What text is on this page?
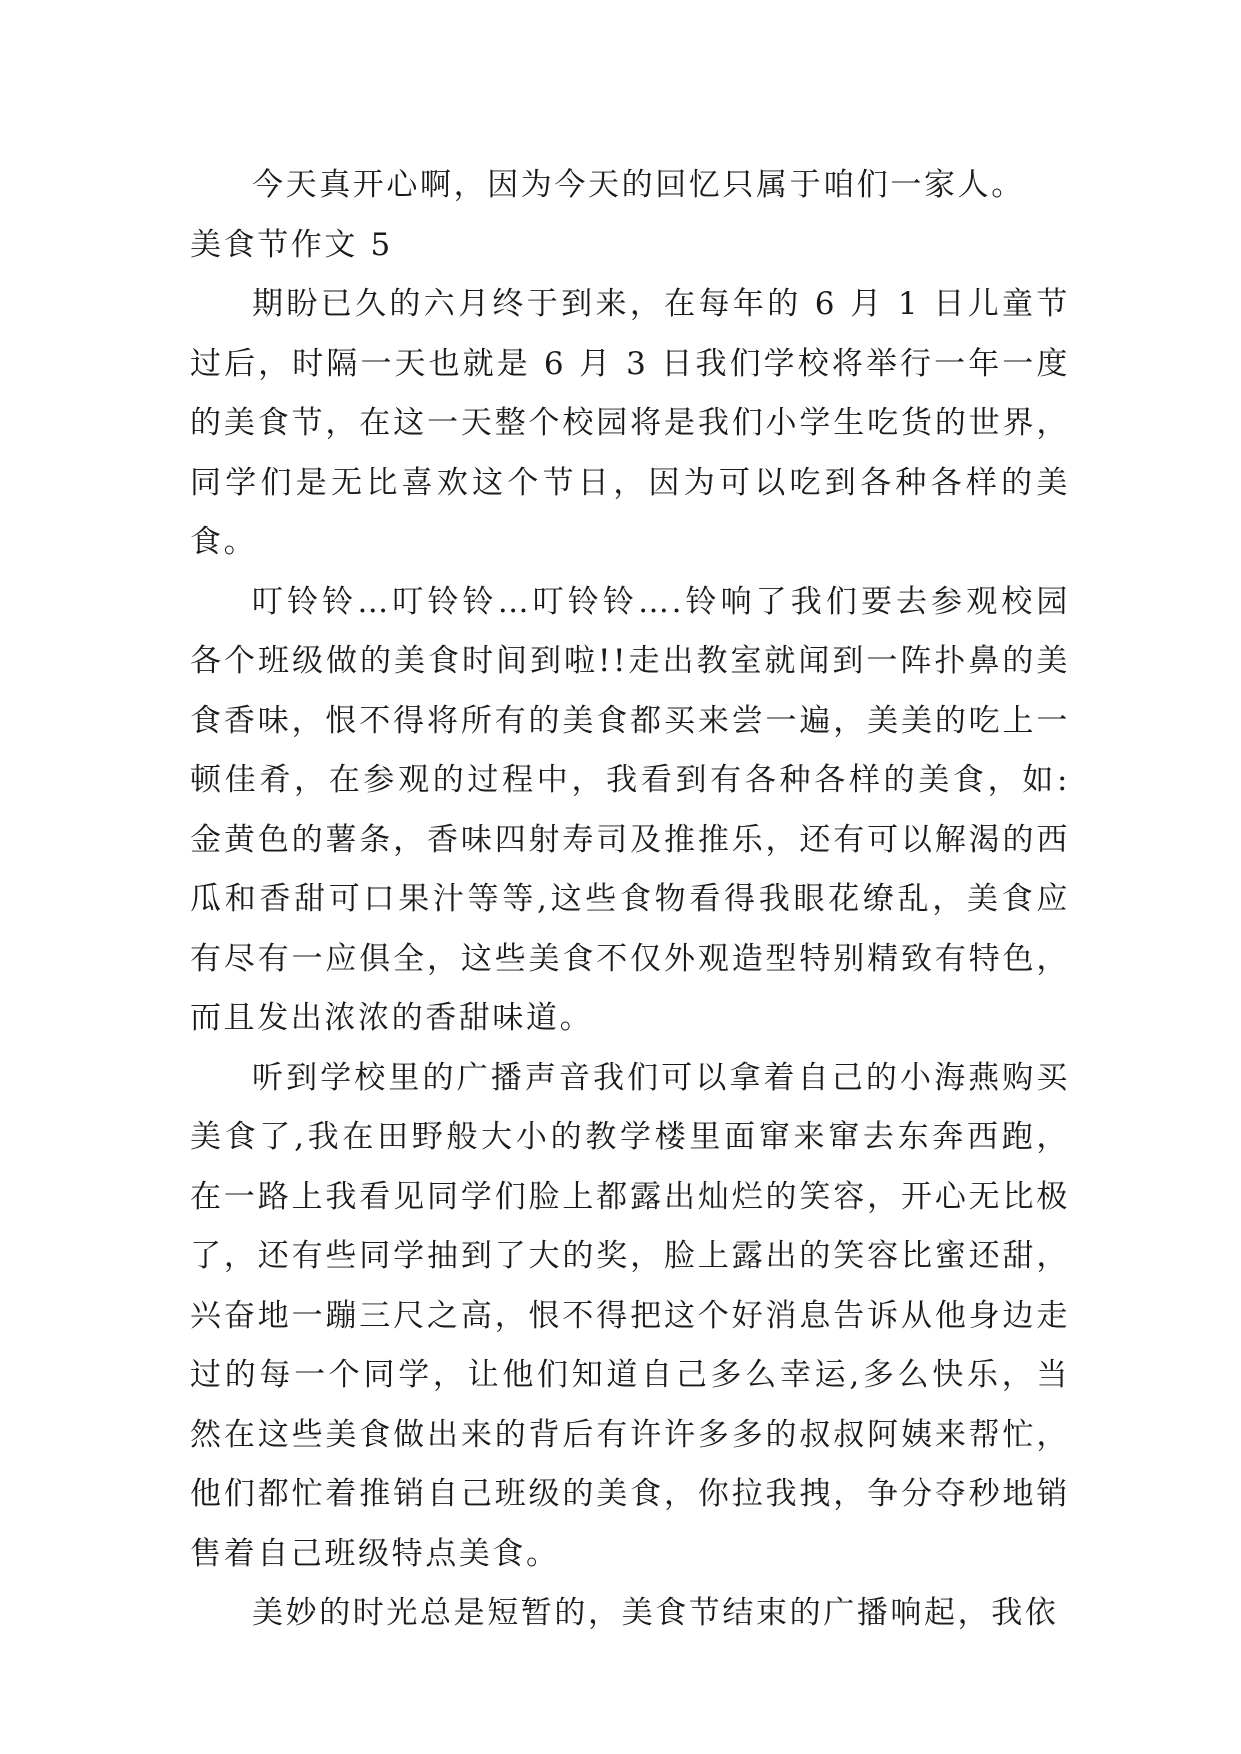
今天真开心啊，因为今天的回忆只属于咱们一家人。

美食节作文 5

期盼已久的六月终于到来，在每年的 6 月 1 日儿童节过后，时隔一天也就是 6 月 3 日我们学校将举行一年一度的美食节，在这一天整个校园将是我们小学生吃货的世界，同学们是无比喜欢这个节日，因为可以吃到各种各样的美食。

叮铃铃…叮铃铃…叮铃铃….铃响了我们要去参观校园各个班级做的美食时间到啦!!走出教室就闻到一阵扑鼻的美食香味，恨不得将所有的美食都买来尝一遍，美美的吃上一顿佳肴，在参观的过程中，我看到有各种各样的美食，如:金黄色的薯条，香味四射寿司及推推乐，还有可以解渴的西瓜和香甜可口果汁等等,这些食物看得我眼花缭乱，美食应有尽有一应俱全，这些美食不仅外观造型特别精致有特色，而且发出浓浓的香甜味道。

听到学校里的广播声音我们可以拿着自己的小海燕购买美食了,我在田野般大小的教学楼里面窜来窜去东奔西跑，在一路上我看见同学们脸上都露出灿烂的笑容，开心无比极了，还有些同学抽到了大的奖，脸上露出的笑容比蜜还甜，兴奋地一蹦三尺之高，恨不得把这个好消息告诉从他身边走过的每一个同学，让他们知道自己多么幸运,多么快乐，当然在这些美食做出来的背后有许许多多的叔叔阿姨来帮忙，他们都忙着推销自己班级的美食，你拉我拽，争分夺秒地销售着自己班级特点美食。

美妙的时光总是短暂的，美食节结束的广播响起，我依
